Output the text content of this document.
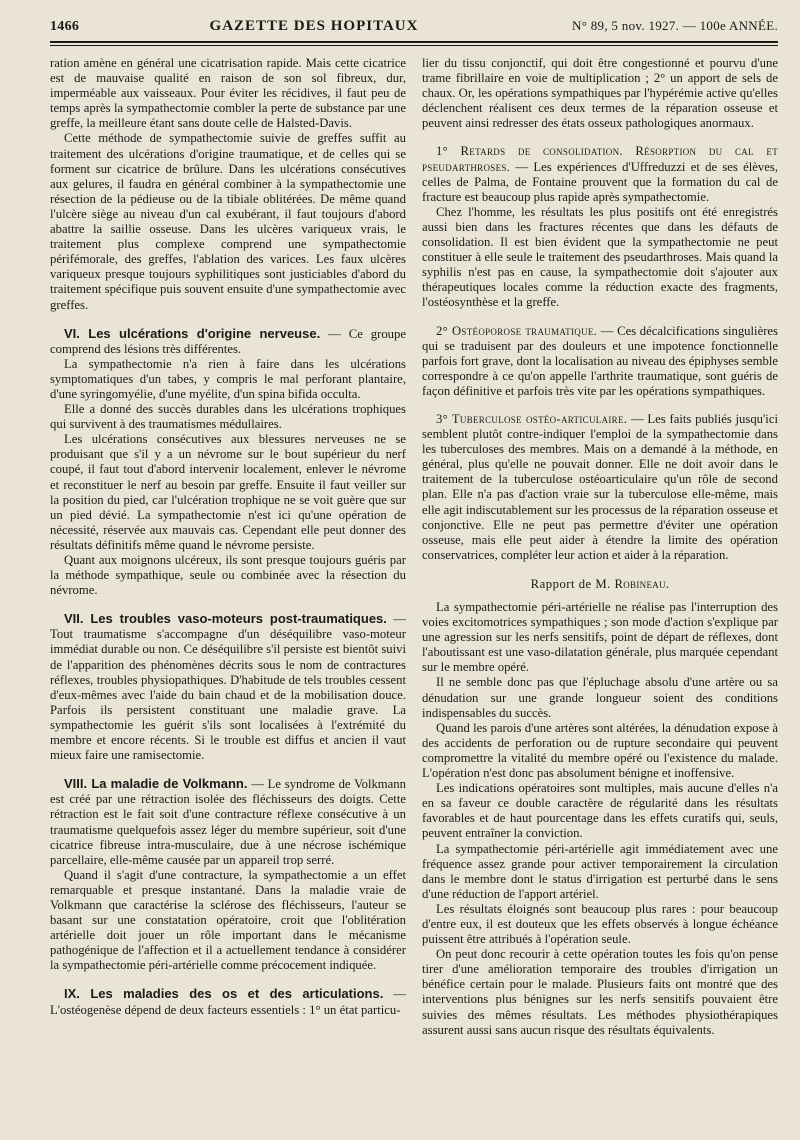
1466	GAZETTE DES HOPITAUX	N° 89, 5 nov. 1927. — 100e ANNÉE.

ration amène en général une cicatrisation rapide. Mais cette cicatrice est de mauvaise qualité en raison de son sol fibreux, dur, imperméable aux vaisseaux. Pour éviter les récidives, il faut peu de temps après la sympathectomie combler la perte de substance par une greffe, la meilleure étant sans doute celle de Halsted-Davis.

Cette méthode de sympathectomie suivie de greffes suffit au traitement des ulcérations d'origine traumatique, et de celles qui se forment sur cicatrice de brûlure. Dans les ulcérations consécutives aux gelures, il faudra en général combiner à la sympathectomie une résection de la pédieuse ou de la tibiale oblitérées. De même quand l'ulcère siège au niveau d'un cal exubérant, il faut toujours d'abord abattre la saillie osseuse. Dans les ulcères variqueux vrais, le traitement plus complexe comprend une sympathectomie périfémorale, des greffes, l'ablation des varices. Les faux ulcères variqueux presque toujours syphilitiques sont justiciables d'abord du traitement spécifique puis souvent ensuite d'une sympathectomie avec greffes.

VI. Les ulcérations d'origine nerveuse. — Ce groupe comprend des lésions très différentes.

La sympathectomie n'a rien à faire dans les ulcérations symptomatiques d'un tabes, y compris le mal perforant plantaire, d'une syringomyélie, d'une myélite, d'un spina bifida occulta.

Elle a donné des succès durables dans les ulcérations trophiques qui survivent à des traumatismes médullaires.

Les ulcérations consécutives aux blessures nerveuses ne se produisant que s'il y a un névrome sur le bout supérieur du nerf coupé, il faut tout d'abord intervenir localement, enlever le névrome et reconstituer le nerf au besoin par greffe. Ensuite il faut veiller sur la position du pied, car l'ulcération trophique ne se voit guère que sur un pied dévié. La sympathectomie n'est ici qu'une opération de nécessité, réservée aux mauvais cas. Cependant elle peut donner des résultats définitifs même quand le névrome persiste.

Quant aux moignons ulcéreux, ils sont presque toujours guéris par la méthode sympathique, seule ou combinée avec la résection du névrome.

VII. Les troubles vaso-moteurs post-traumatiques. — Tout traumatisme s'accompagne d'un déséquilibre vaso-moteur immédiat durable ou non. Ce déséquilibre s'il persiste est bientôt suivi de l'apparition des phénomènes décrits sous le nom de contractures réflexes, troubles physiopathiques. D'habitude de tels troubles cessent d'eux-mêmes avec l'aide du bain chaud et de la mobilisation douce. Parfois ils persistent constituant une maladie grave. La sympathectomie les guérit s'ils sont localisées à l'extrémité du membre et encore récents. Si le trouble est diffus et ancien il vaut mieux faire une ramisectomie.

VIII. La maladie de Volkmann. — Le syndrome de Volkmann est créé par une rétraction isolée des fléchisseurs des doigts. Cette rétraction est le fait soit d'une contracture réflexe consécutive à un traumatisme quelquefois assez léger du membre supérieur, soit d'une cicatrice fibreuse intra-musculaire, due à une nécrose ischémique parcellaire, elle-même causée par un appareil trop serré.

Quand il s'agit d'une contracture, la sympathectomie a un effet remarquable et presque instantané. Dans la maladie vraie de Volkmann que caractérise la sclérose des fléchisseurs, l'auteur se basant sur une constatation opératoire, croit que l'oblitération artérielle doit jouer un rôle important dans le mécanisme pathogénique de l'affection et il a actuellement tendance à considérer la sympathectomie péri-artérielle comme précocement indiquée.

IX. Les maladies des os et des articulations. — L'ostéogenèse dépend de deux facteurs essentiels : 1° un état particu-

lier du tissu conjonctif, qui doit être congestionné et pourvu d'une trame fibrillaire en voie de multiplication ; 2° un apport de sels de chaux. Or, les opérations sympathiques par l'hypérémie active qu'elles déclenchent réalisent ces deux termes de la réparation osseuse et peuvent ainsi redresser des états osseux pathologiques anormaux.

1° Retards de consolidation. Résorption du cal et pseudarthroses. — Les expériences d'Uffreduzzi et de ses élèves, celles de Palma, de Fontaine prouvent que la formation du cal de fracture est beaucoup plus rapide après sympathectomie.

Chez l'homme, les résultats les plus positifs ont été enregistrés aussi bien dans les fractures récentes que dans les défauts de consolidation. Il est bien évident que la sympathectomie ne peut constituer à elle seule le traitement des pseudarthroses. Mais quand la syphilis n'est pas en cause, la sympathectomie doit s'ajouter aux thérapeutiques locales comme la réduction exacte des fragments, l'ostéosynthèse et la greffe.

2° Ostéoporose traumatique. — Ces décalcifications singulières qui se traduisent par des douleurs et une impotence fonctionnelle parfois fort grave, dont la localisation au niveau des épiphyses semble correspondre à ce qu'on appelle l'arthrite traumatique, sont guéris de façon définitive et parfois très vite par les opérations sympathiques.

3° Tuberculose ostéo-articulaire. — Les faits publiés jusqu'ici semblent plutôt contre-indiquer l'emploi de la sympathectomie dans les tuberculoses des membres. Mais on a demandé à la méthode, en général, plus qu'elle ne pouvait donner. Elle ne doit avoir dans le traitement de la tuberculose ostéoarticulaire qu'un rôle de second plan. Elle n'a pas d'action vraie sur la tuberculose elle-même, mais elle agit indiscutablement sur les processus de la réparation osseuse et conjonctive. Elle ne peut pas permettre d'éviter une opération osseuse, mais elle peut aider à étendre la limite des opération conservatrices, compléter leur action et aider à la réparation.

Rapport de M. Robineau.

La sympathectomie péri-artérielle ne réalise pas l'interruption des voies excitomotrices sympathiques ; son mode d'action s'explique par une agression sur les nerfs sensitifs, point de départ de réflexes, dont l'aboutissant est une vaso-dilatation générale, plus marquée cependant sur le membre opéré.

Il ne semble donc pas que l'épluchage absolu d'une artère ou sa dénudation sur une grande longueur soient des conditions indispensables du succès.

Quand les parois d'une artères sont altérées, la dénudation expose à des accidents de perforation ou de rupture secondaire qui peuvent compromettre la vitalité du membre opéré ou l'existence du malade. L'opération n'est donc pas absolument bénigne et inoffensive.

Les indications opératoires sont multiples, mais aucune d'elles n'a en sa faveur ce double caractère de régularité dans les résultats favorables et de haut pourcentage dans les effets curatifs qui, seuls, peuvent entraîner la conviction.

La sympathectomie péri-artérielle agit immédiatement avec une fréquence assez grande pour activer temporairement la circulation dans le membre dont le status d'irrigation est perturbé dans le sens d'une réduction de l'apport artériel.

Les résultats éloignés sont beaucoup plus rares : pour beaucoup d'entre eux, il est douteux que les effets observés à longue échéance puissent être attribués à l'opération seule.

On peut donc recourir à cette opération toutes les fois qu'on pense tirer d'une amélioration temporaire des troubles d'irrigation un bénéfice certain pour le malade. Plusieurs faits ont montré que des interventions plus bénignes sur les nerfs sensitifs pouvaient être suivies des mêmes résultats. Les méthodes physiothérapiques assurent aussi sans aucun risque des résultats équivalents.
